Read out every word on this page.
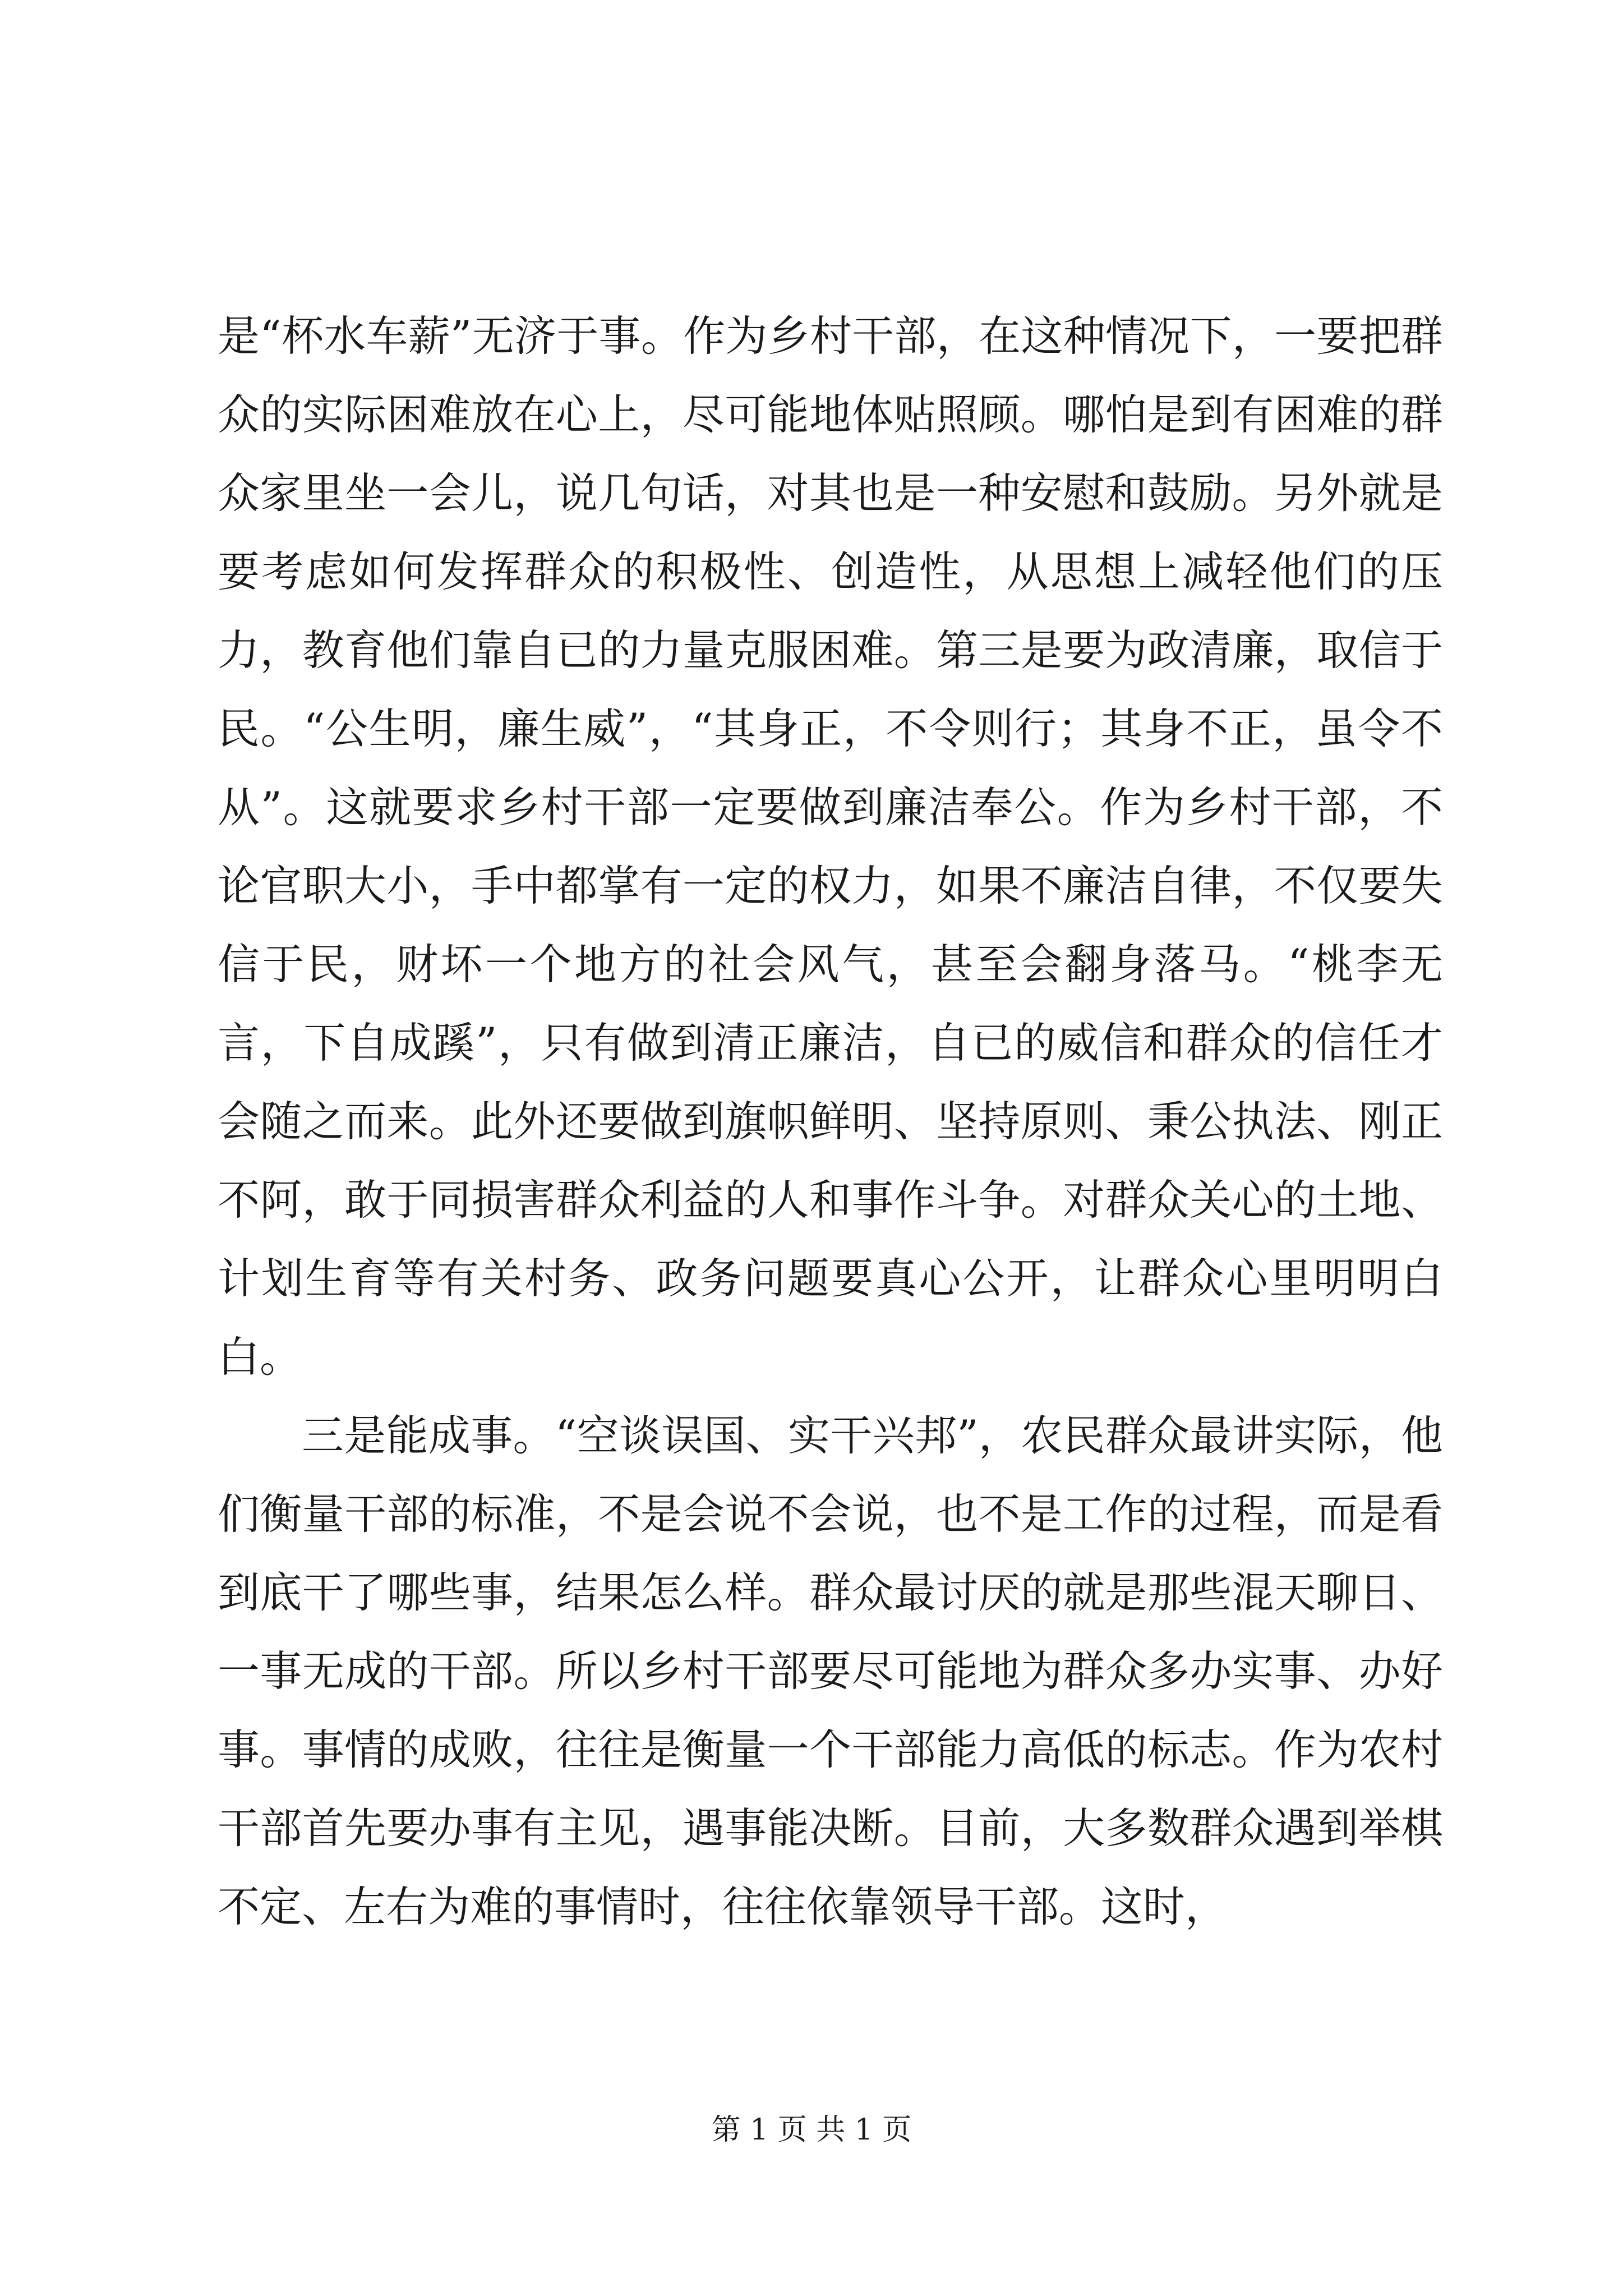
是“杯水车薪”无济于事。作为乡村干部，在这种情况下，一要把群众的实际困难放在心上，尽可能地体贴照顾。哪怕是到有困难的群众家里坐一会儿，说几句话，对其也是一种安慰和鼓励。另外就是要考虑如何发挥群众的积极性、创造性，从思想上减轻他们的压力，教育他们靠自已的力量克服困难。第三是要为政清廉，取信于民。“公生明，廉生威”，“其身正，不令则行；其身不正，虽令不从”。这就要求乡村干部一定要做到廉洁奉公。作为乡村干部，不论官职大小，手中都掌有一定的权力，如果不廉洁自律，不仅要失信于民，财坏一个地方的社会风气，甚至会翻身落马。“桃李无言，下自成蹊”，只有做到清正廉洁，自已的威信和群众的信任才会随之而来。此外还要做到旗帜鲜明、坚持原则、秉公执法、刚正不阿，敢于同损害群众利益的人和事作斗争。对群众关心的土地、计划生育等有关村务、政务问题要真心公开，让群众心里明明白白。

三是能成事。“空谈误国、实干兴邦”，农民群众最讲实际，他们衡量干部的标准，不是会说不会说，也不是工作的过程，而是看到底干了哪些事，结果怎么样。群众最讨厌的就是那些混天聊日、一事无成的干部。所以乡村干部要尽可能地为群众多办实事、办好事。事情的成败，往往是衡量一个干部能力高低的标志。作为农村干部首先要办事有主见，遇事能决断。目前，大多数群众遇到举棋不定、左右为难的事情时，往往依靠领导干部。这时，

第 1 页 共 1 页
